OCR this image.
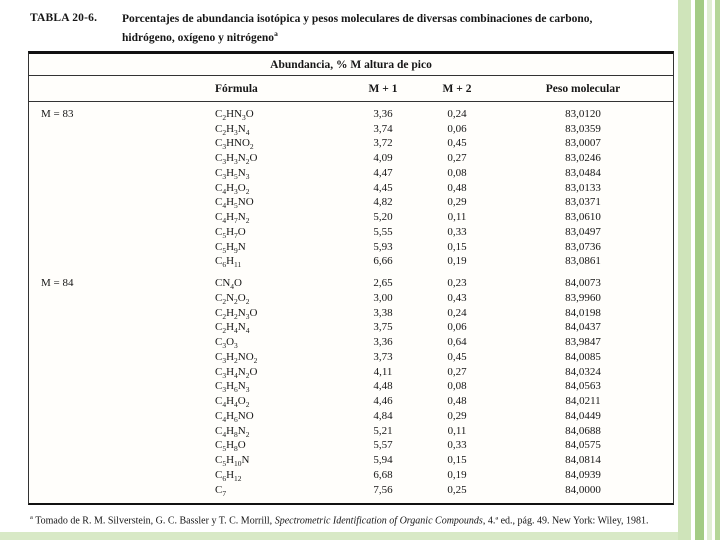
TABLA 20-6.	Porcentajes de abundancia isotópica y pesos moleculares de diversas combinaciones de carbono, hidrógeno, oxígeno y nitrógeno$^a$
Abundancia, % M altura de pico
Fórmula	M + 1	M + 2	Peso molecular
M = 83	$C_2HN_3O$	3,36	0,24	83,0120
$C_2H_3N_4$	3,74	0,06	83,0359
$C_3HNO_2$	3,72	0,45	83,0007
$C_3H_3N_2O$	4,09	0,27	83,0246
$C_3H_5N_3$	4,47	0,08	83,0484
$C_4H_3O_2$	4,45	0,48	83,0133
$C_4H_5NO$	4,82	0,29	83,0371
$C_4H_7N_2$	5,20	0,11	83,0610
$C_5H_7O$	5,55	0,33	83,0497
$C_5H_9N$	5,93	0,15	83,0736
$C_6H_{11}$	6,66	0,19	83,0861
M = 84	$CN_4O$	2,65	0,23	84,0073
$C_2N_2O_2$	3,00	0,43	83,9960
$C_2H_2N_3O$	3,38	0,24	84,0198
$C_2H_4N_4$	3,75	0,06	84,0437
$C_3O_3$	3,36	0,64	83,9847
$C_3H_2NO_2$	3,73	0,45	84,0085
$C_3H_4N_2O$	4,11	0,27	84,0324
$C_3H_6N_3$	4,48	0,08	84,0563
$C_4H_4O_2$	4,46	0,48	84,0211
$C_4H_6NO$	4,84	0,29	84,0449
$C_4H_8N_2$	5,21	0,11	84,0688
$C_5H_8O$	5,57	0,33	84,0575
$C_5H_{10}N$	5,94	0,15	84,0814
$C_6H_{12}$	6,68	0,19	84,0939
$C_7$	7,56	0,25	84,0000
$^a$ Tomado de R. M. Silverstein, G. C. Bassler y T. C. Morrill, Spectrometric Identification of Organic Compounds, 4.ª ed., pág. 49. New York: Wiley, 1981.
